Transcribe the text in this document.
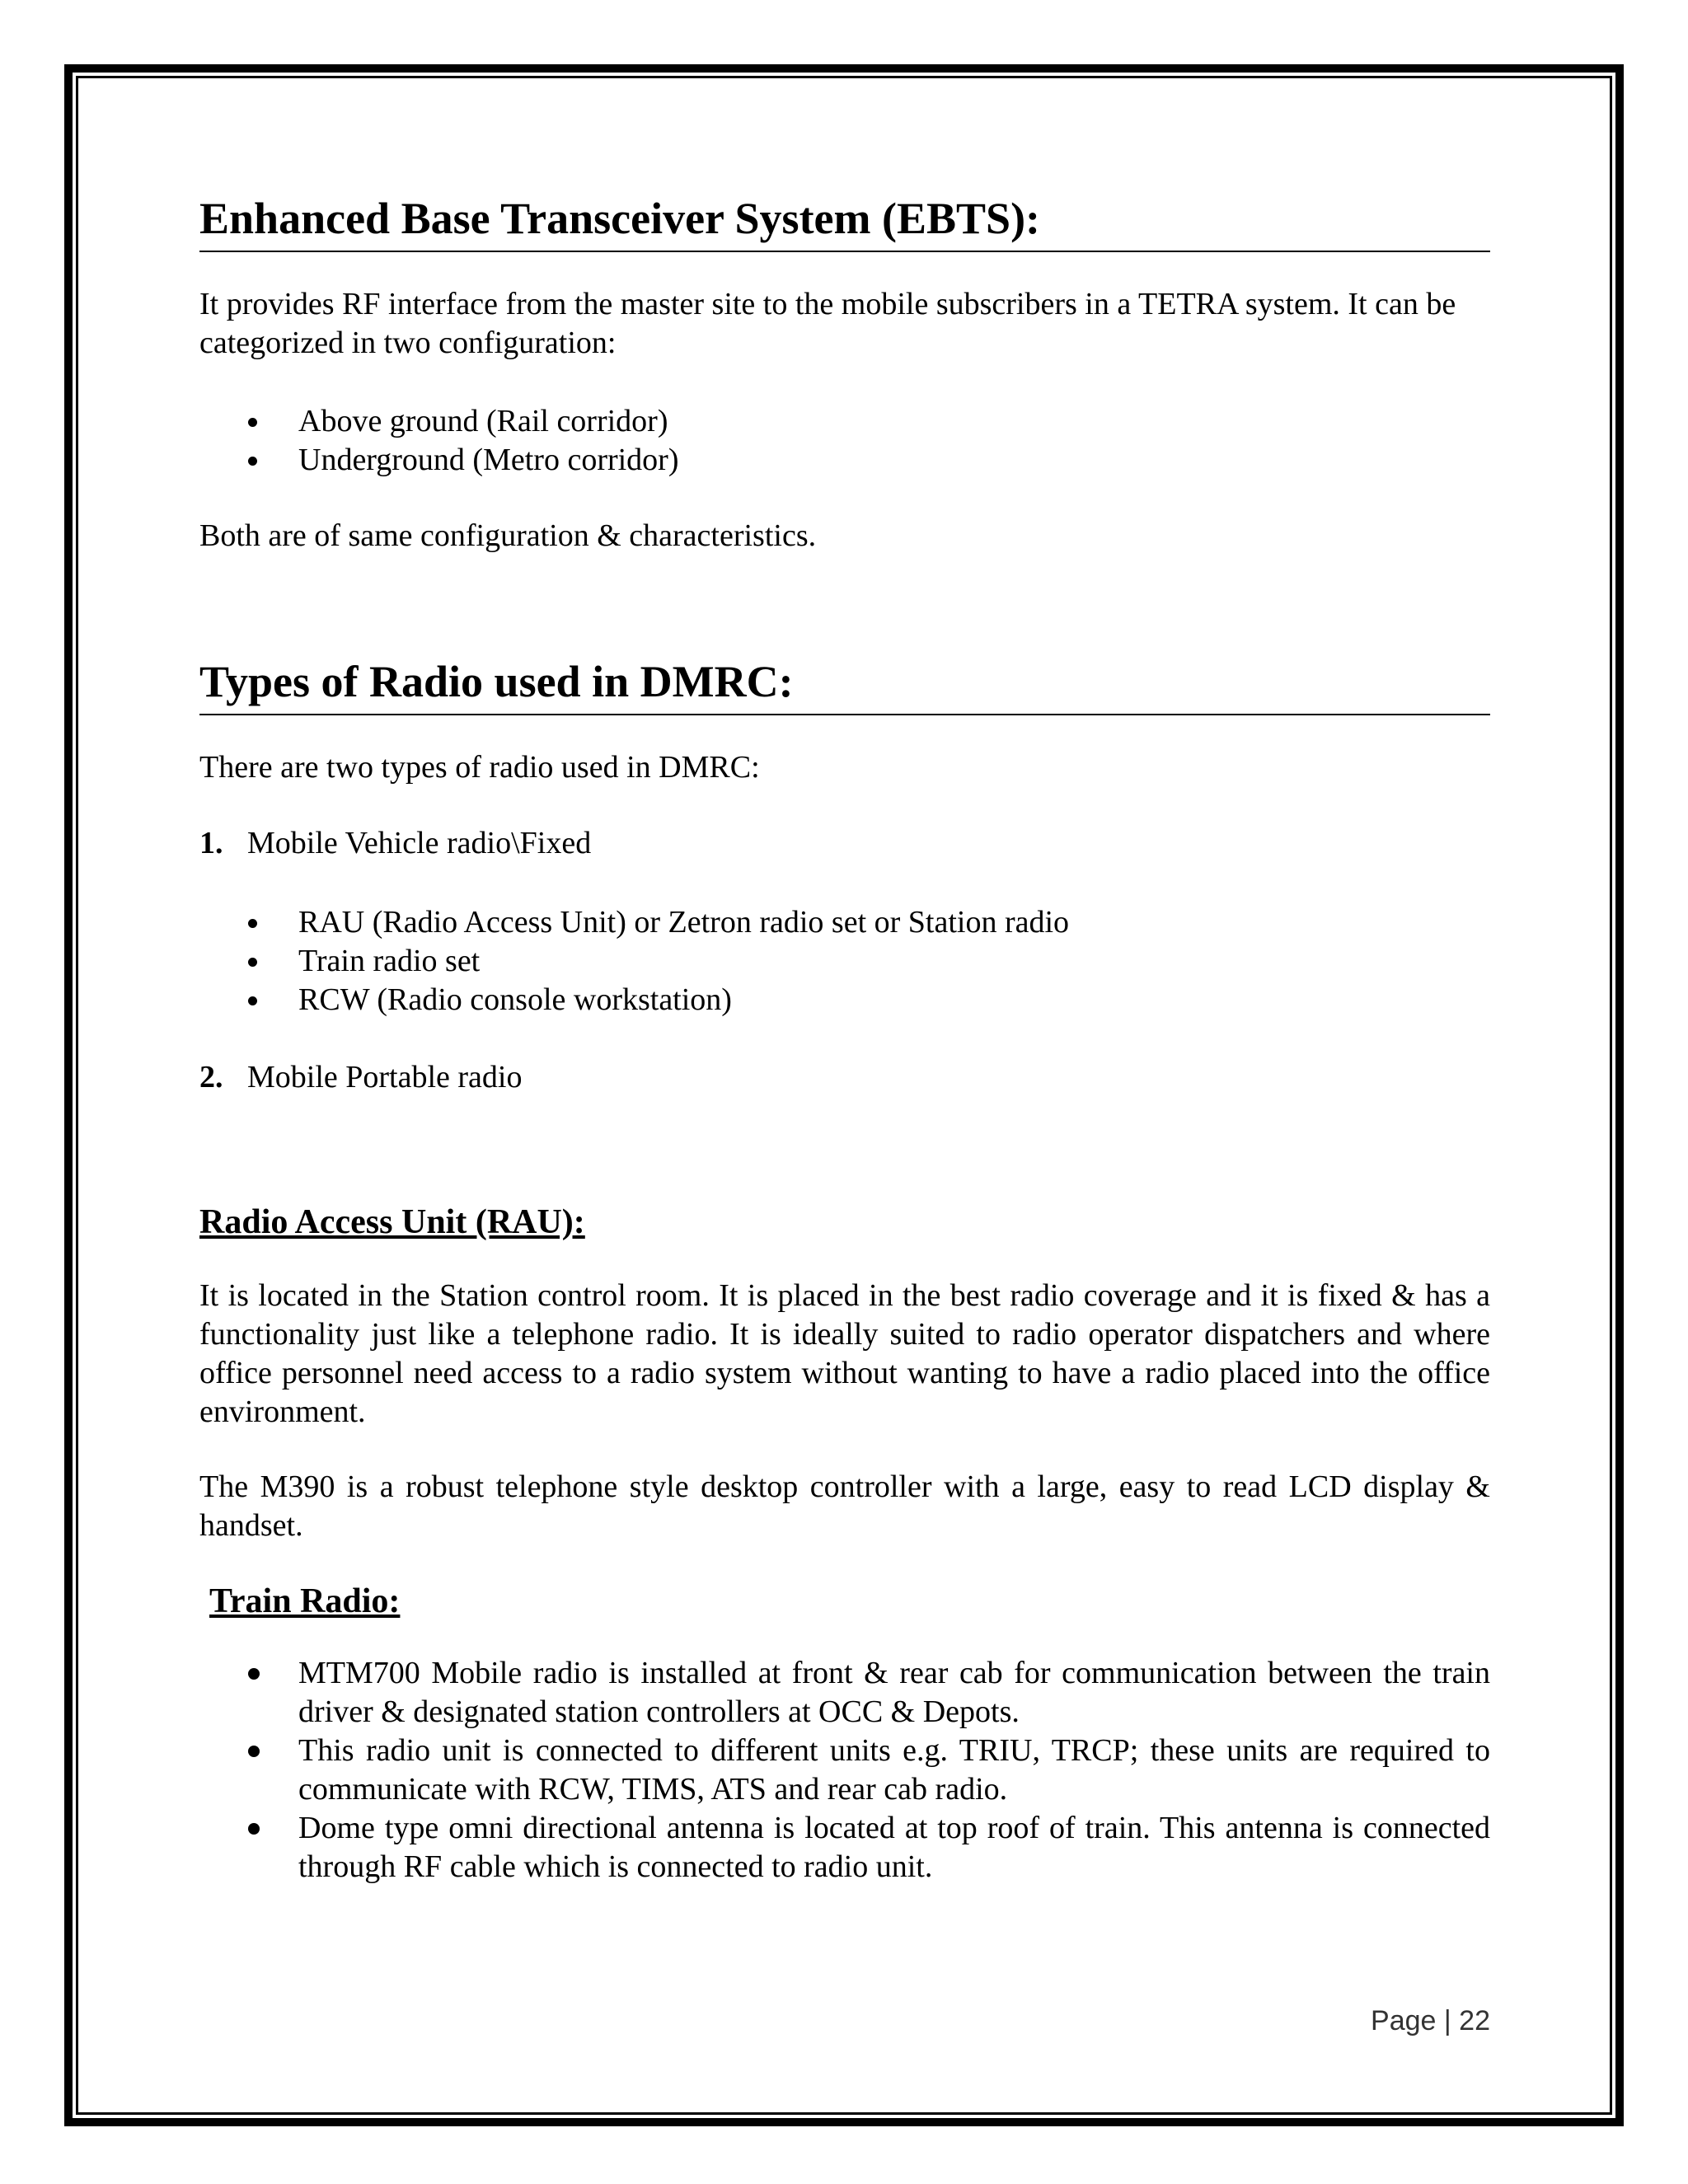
Enhanced Base Transceiver System (EBTS):

It provides RF interface from the master site to the mobile subscribers in a TETRA system. It can be categorized in two configuration:

Above ground (Rail corridor)
Underground (Metro corridor)

Both are of same configuration & characteristics.

Types of Radio used in DMRC:

There are two types of radio used in DMRC:

1. Mobile Vehicle radio\Fixed

RAU (Radio Access Unit) or Zetron radio set or Station radio
Train radio set
RCW (Radio console workstation)

2. Mobile Portable radio

Radio Access Unit (RAU):

It is located in the Station control room. It is placed in the best radio coverage and it is fixed & has a functionality just like a telephone radio. It is ideally suited to radio operator dispatchers and where office personnel need access to a radio system without wanting to have a radio placed into the office environment.

The M390 is a robust telephone style desktop controller with a large, easy to read LCD display & handset.

Train Radio:
MTM700 Mobile radio is installed at front & rear cab for communication between the train driver & designated station controllers at OCC & Depots.
This radio unit is connected to different units e.g. TRIU, TRCP; these units are required to communicate with RCW, TIMS, ATS and rear cab radio.
Dome type omni directional antenna is located at top roof of train. This antenna is connected through RF cable which is connected to radio unit.
Page | 22
